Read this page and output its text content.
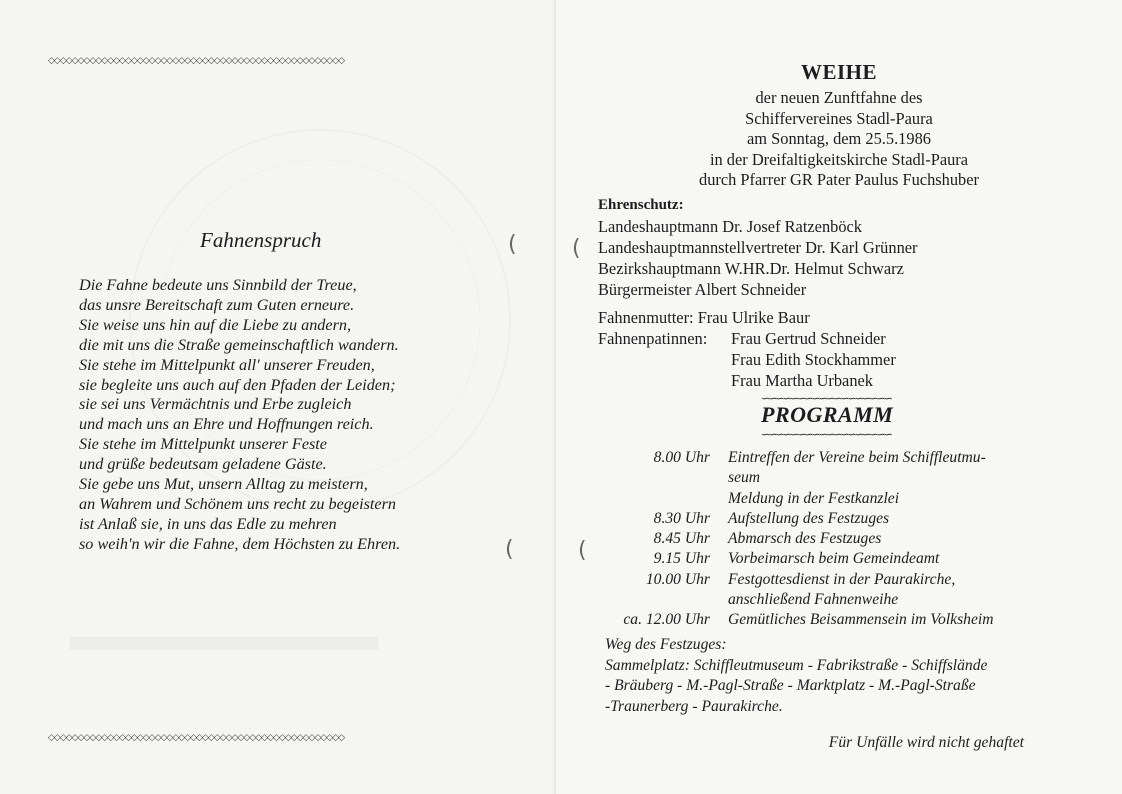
▬▬▬▬▬▬▬
◇◇◇◇◇◇◇◇◇◇◇◇◇◇◇◇◇◇◇◇◇◇◇◇◇◇◇◇◇◇◇◇◇◇◇◇◇◇◇◇◇◇◇◇◇◇◇◇◇◇
Fahnenspruch
Die Fahne bedeute uns Sinnbild der Treue,
das unsre Bereitschaft zum Guten erneure.
Sie weise uns hin auf die Liebe zu andern,
die mit uns die Straße gemeinschaftlich wandern.
Sie stehe im Mittelpunkt all' unserer Freuden,
sie begleite uns auch auf den Pfaden der Leiden;
sie sei uns Vermächtnis und Erbe zugleich
und mach uns an Ehre und Hoffnungen reich.
Sie stehe im Mittelpunkt unserer Feste
und grüße bedeutsam geladene Gäste.
Sie gebe uns Mut, unsern Alltag zu meistern,
an Wahrem und Schönem uns recht zu begeistern
ist Anlaß sie, in uns das Edle zu mehren
so weih'n wir die Fahne, dem Höchsten zu Ehren.
◇◇◇◇◇◇◇◇◇◇◇◇◇◇◇◇◇◇◇◇◇◇◇◇◇◇◇◇◇◇◇◇◇◇◇◇◇◇◇◇◇◇◇◇◇◇◇◇◇◇
(
(
(
(
WEIHE
der neuen Zunftfahne des
Schiffervereines Stadl-Paura
am Sonntag, dem 25.5.1986
in der Dreifaltigkeitskirche Stadl-Paura
durch Pfarrer GR Pater Paulus Fuchshuber
Ehrenschutz:
Landeshauptmann Dr. Josef Ratzenböck
Landeshauptmannstellvertreter Dr. Karl Grünner
Bezirkshauptmann W.HR.Dr. Helmut Schwarz
Bürgermeister Albert Schneider
Fahnenmutter: Frau Ulrike Baur
Fahnenpatinnen: Frau Gertrud Schneider
Frau Edith Stockhammer
Frau Martha Urbanek
∽∽∽∽∽∽∽∽∽∽∽∽∽∽∽∽∽∽
PROGRAMM
∽∽∽∽∽∽∽∽∽∽∽∽∽∽∽∽∽∽
8.00 Uhr	Eintreffen der Vereine beim Schiffleutmu-
seum
Meldung in der Festkanzlei
8.30 Uhr	Aufstellung des Festzuges
8.45 Uhr	Abmarsch des Festzuges
9.15 Uhr	Vorbeimarsch beim Gemeindeamt
10.00 Uhr	Festgottesdienst in der Paurakirche,
anschließend Fahnenweihe
ca. 12.00 Uhr	Gemütliches Beisammensein im Volksheim
Weg des Festzuges:
Sammelplatz: Schiffleutmuseum - Fabrikstraße - Schiffslände
- Bräuberg - M.-Pagl-Straße - Marktplatz - M.-Pagl-Straße
-Traunerberg - Paurakirche.
Für Unfälle wird nicht gehaftet
